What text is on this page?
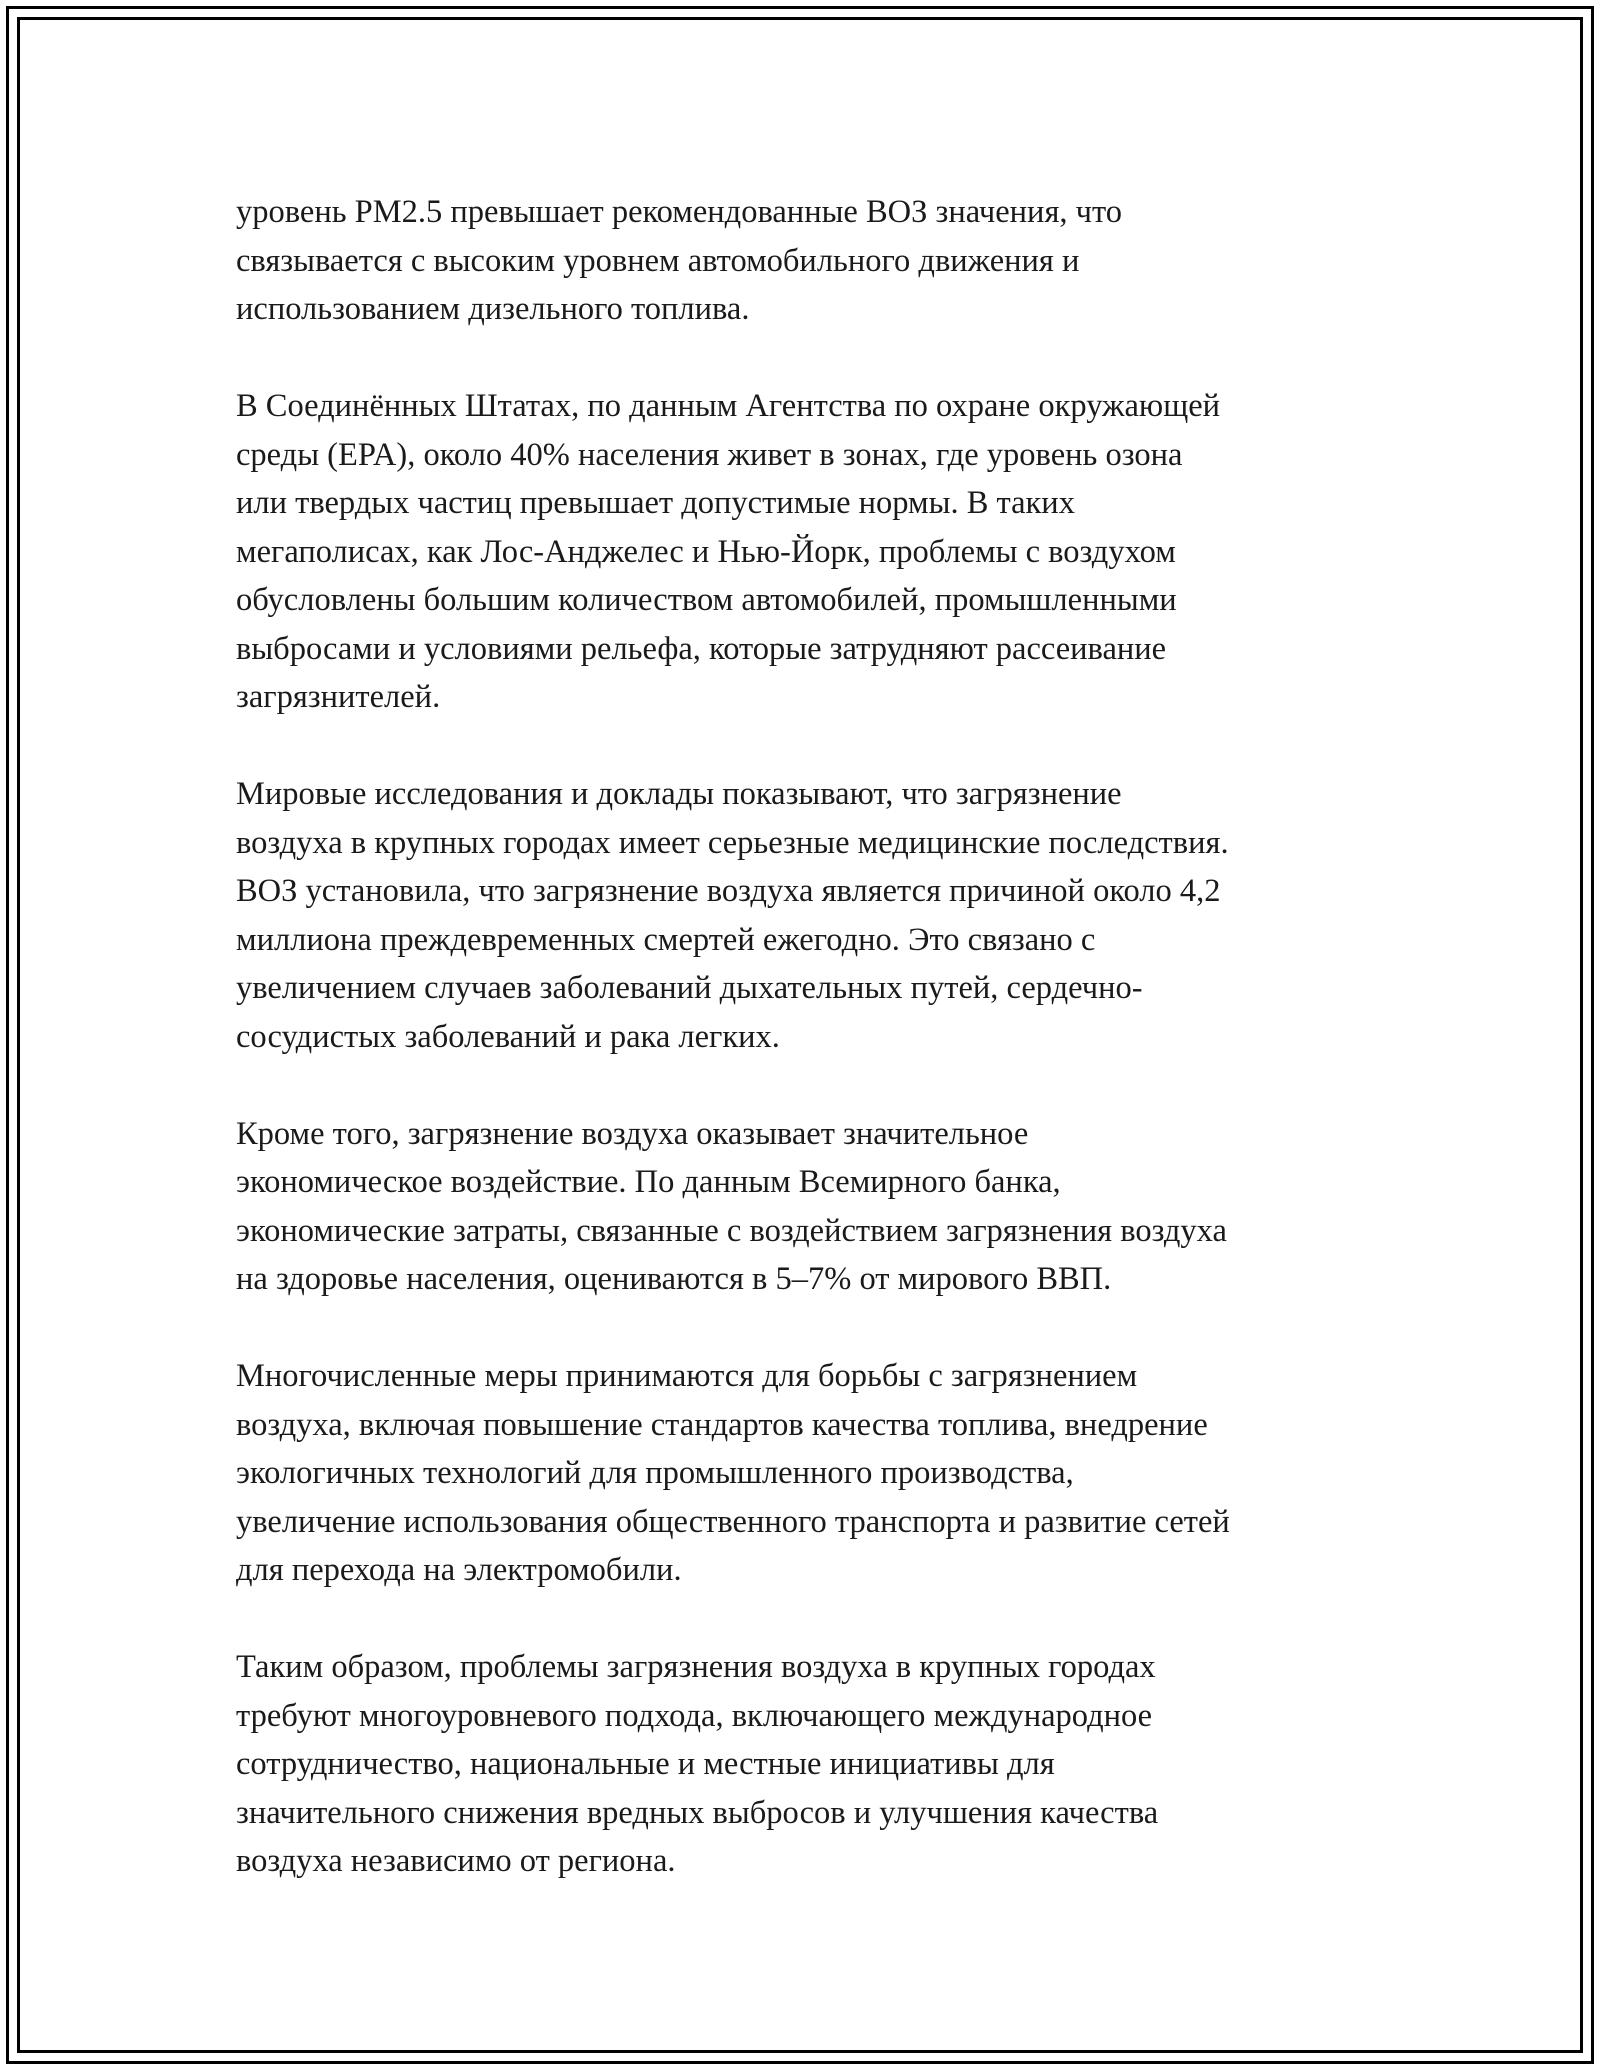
уровень PM2.5 превышает рекомендованные ВОЗ значения, что
связывается с высоким уровнем автомобильного движения и
использованием дизельного топлива.

В Соединённых Штатах, по данным Агентства по охране окружающей
среды (EPA), около 40% населения живет в зонах, где уровень озона
или твердых частиц превышает допустимые нормы. В таких
мегаполисах, как Лос-Анджелес и Нью-Йорк, проблемы с воздухом
обусловлены большим количеством автомобилей, промышленными
выбросами и условиями рельефа, которые затрудняют рассеивание
загрязнителей.

Мировые исследования и доклады показывают, что загрязнение
воздуха в крупных городах имеет серьезные медицинские последствия.
ВОЗ установила, что загрязнение воздуха является причиной около 4,2
миллиона преждевременных смертей ежегодно. Это связано с
увеличением случаев заболеваний дыхательных путей, сердечно-
сосудистых заболеваний и рака легких.

Кроме того, загрязнение воздуха оказывает значительное
экономическое воздействие. По данным Всемирного банка,
экономические затраты, связанные с воздействием загрязнения воздуха
на здоровье населения, оцениваются в 5–7% от мирового ВВП.

Многочисленные меры принимаются для борьбы с загрязнением
воздуха, включая повышение стандартов качества топлива, внедрение
экологичных технологий для промышленного производства,
увеличение использования общественного транспорта и развитие сетей
для перехода на электромобили.

Таким образом, проблемы загрязнения воздуха в крупных городах
требуют многоуровневого подхода, включающего международное
сотрудничество, национальные и местные инициативы для
значительного снижения вредных выбросов и улучшения качества
воздуха независимо от региона.
